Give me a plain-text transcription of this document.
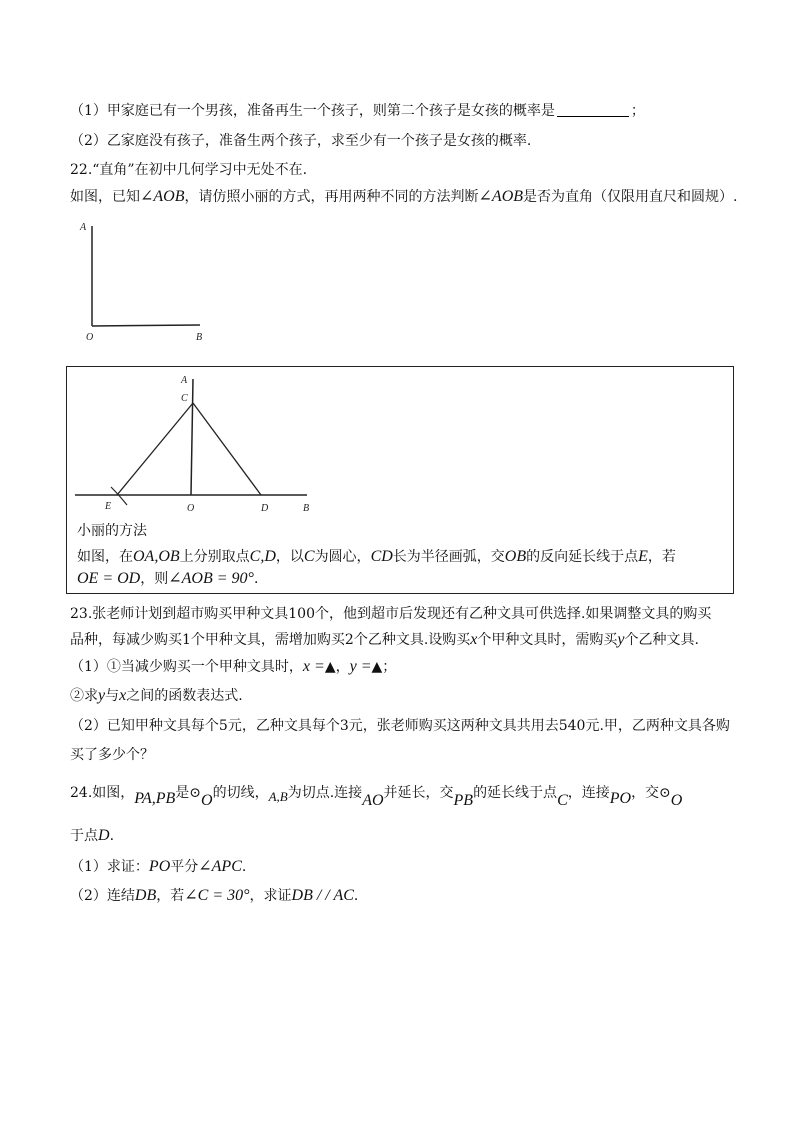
（1）甲家庭已有一个男孩，准备再生一个孩子，则第二个孩子是女孩的概率是	；
（2）乙家庭没有孩子，准备生两个孩子，求至少有一个孩子是女孩的概率.
22.“直角”在初中几何学习中无处不在.
如图，已知∠AOB，请仿照小丽的方式，再用两种不同的方法判断∠AOB是否为直角（仅限用直尺和圆规）.
A
O	B
A
C
E	O	D	B
小丽的方法
如图，在OA,OB上分别取点C,D，以C为圆心，CD长为半径画弧，交OB的反向延长线于点E，若
OE = OD，则∠AOB = 90°.
23.张老师计划到超市购买甲种文具100个，他到超市后发现还有乙种文具可供选择.如果调整文具的购买
品种，每减少购买1个甲种文具，需增加购买2个乙种文具.设购买x个甲种文具时，需购买y个乙种文具.
（1）①当减少购买一个甲种文具时，x =▲，y =▲；
②求y与x之间的函数表达式.
（2）已知甲种文具每个5元，乙种文具每个3元，张老师购买这两种文具共用去540元.甲，乙两种文具各购
买了多少个？
24.如图，PA,PB是⊙O的切线，A,B为切点.连接AO并延长，交PB的延长线于点C，连接PO，交⊙O
于点D.
（1）求证：PO平分∠APC.
（2）连结DB，若∠C = 30°，求证DB / / AC.
